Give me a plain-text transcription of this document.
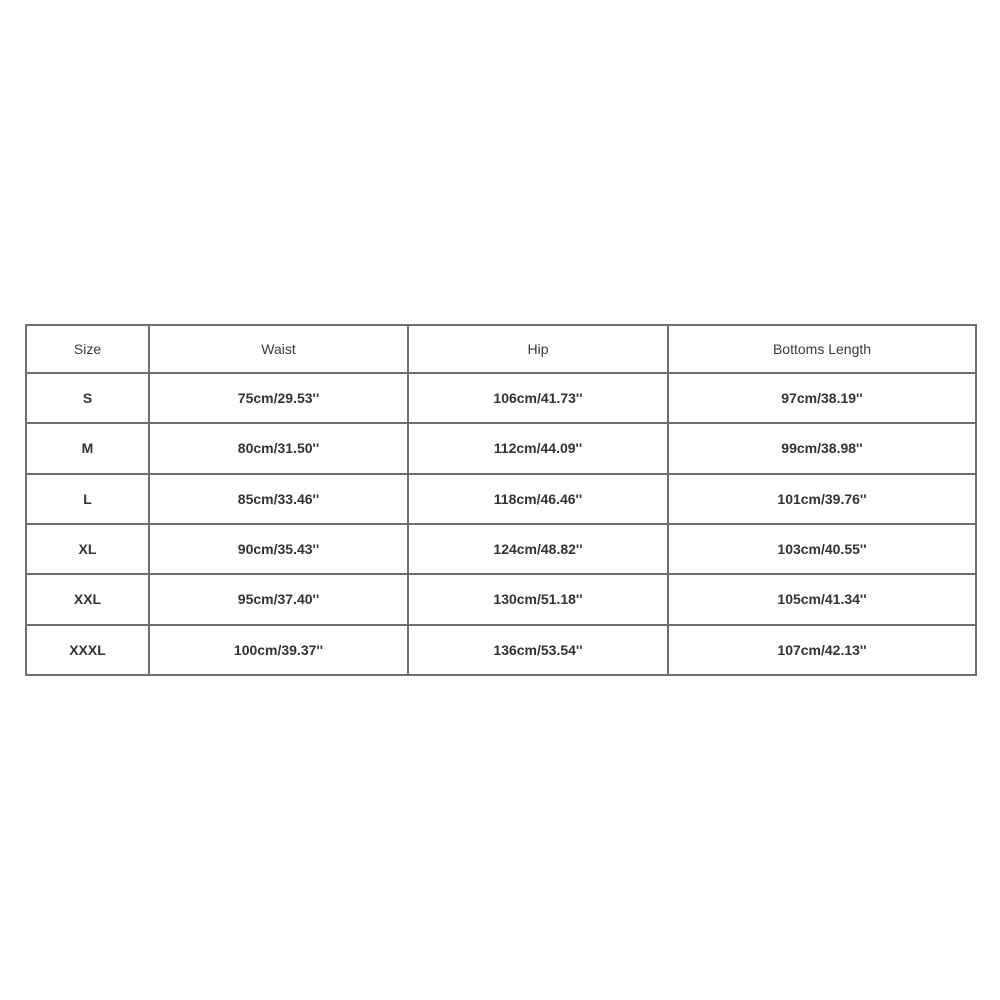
Size	Waist	Hip	Bottoms Length
S	75cm/29.53''	106cm/41.73''	97cm/38.19''
M	80cm/31.50''	112cm/44.09''	99cm/38.98''
L	85cm/33.46''	118cm/46.46''	101cm/39.76''
XL	90cm/35.43''	124cm/48.82''	103cm/40.55''
XXL	95cm/37.40''	130cm/51.18''	105cm/41.34''
XXXL	100cm/39.37''	136cm/53.54''	107cm/42.13''
